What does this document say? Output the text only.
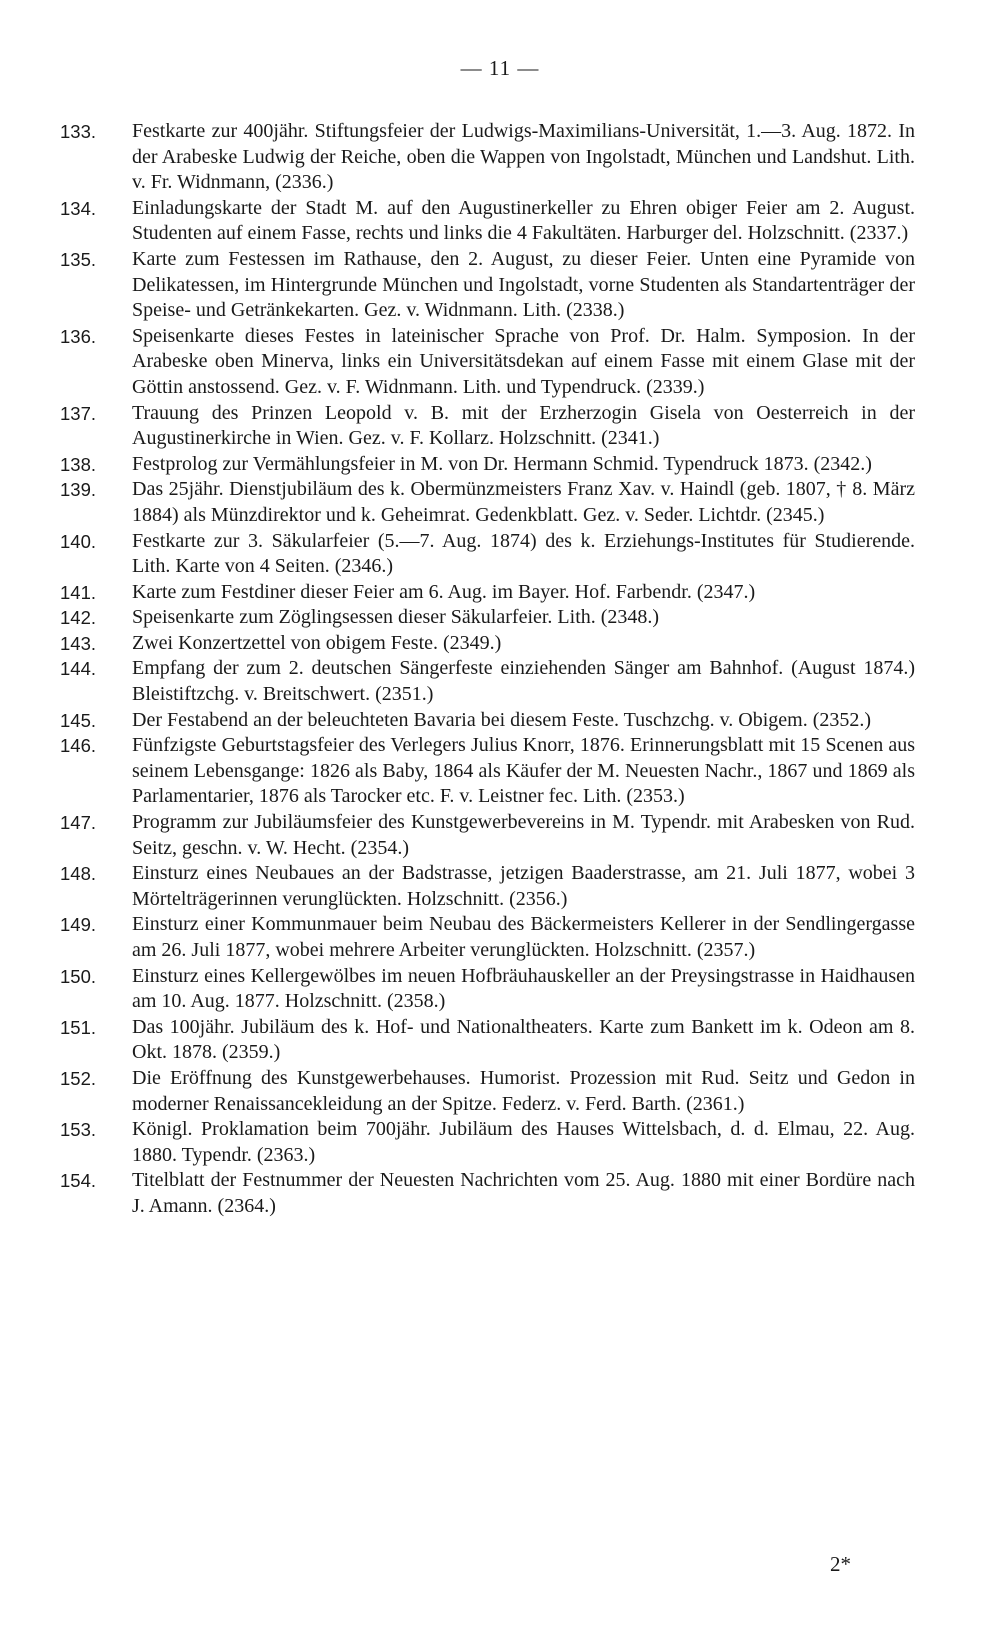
— 11 —
133.	Festkarte zur 400jähr. Stiftungsfeier der Ludwigs-Maximilians-Universität, 1.—3. Aug. 1872. In der Arabeske Ludwig der Reiche, oben die Wappen von Ingolstadt, München und Landshut. Lith. v. Fr. Widnmann, (2336.)
134.	Einladungskarte der Stadt M. auf den Augustinerkeller zu Ehren obiger Feier am 2. August. Studenten auf einem Fasse, rechts und links die 4 Fakultäten. Harburger del. Holzschnitt. (2337.)
135.	Karte zum Festessen im Rathause, den 2. August, zu dieser Feier. Unten eine Pyramide von Delikatessen, im Hintergrunde München und Ingolstadt, vorne Studenten als Standartenträger der Speise- und Getränkekarten. Gez. v. Widnmann. Lith. (2338.)
136.	Speisenkarte dieses Festes in lateinischer Sprache von Prof. Dr. Halm. Symposion. In der Arabeske oben Minerva, links ein Universitätsdekan auf einem Fasse mit einem Glase mit der Göttin anstossend. Gez. v. F. Widnmann. Lith. und Typendruck. (2339.)
137.	Trauung des Prinzen Leopold v. B. mit der Erzherzogin Gisela von Oesterreich in der Augustinerkirche in Wien. Gez. v. F. Kollarz. Holzschnitt. (2341.)
138.	Festprolog zur Vermählungsfeier in M. von Dr. Hermann Schmid. Typendruck 1873. (2342.)
139.	Das 25jähr. Dienstjubiläum des k. Obermünzmeisters Franz Xav. v. Haindl (geb. 1807, † 8. März 1884) als Münzdirektor und k. Geheimrat. Gedenkblatt. Gez. v. Seder. Lichtdr. (2345.)
140.	Festkarte zur 3. Säkularfeier (5.—7. Aug. 1874) des k. Erziehungs-Institutes für Studierende. Lith. Karte von 4 Seiten. (2346.)
141.	Karte zum Festdiner dieser Feier am 6. Aug. im Bayer. Hof. Farbendr. (2347.)
142.	Speisenkarte zum Zöglingsessen dieser Säkularfeier. Lith. (2348.)
143.	Zwei Konzertzettel von obigem Feste. (2349.)
144.	Empfang der zum 2. deutschen Sängerfeste einziehenden Sänger am Bahnhof. (August 1874.) Bleistiftzchg. v. Breitschwert. (2351.)
145.	Der Festabend an der beleuchteten Bavaria bei diesem Feste. Tuschzchg. v. Obigem. (2352.)
146.	Fünfzigste Geburtstagsfeier des Verlegers Julius Knorr, 1876. Erinnerungsblatt mit 15 Scenen aus seinem Lebensgange: 1826 als Baby, 1864 als Käufer der M. Neuesten Nachr., 1867 und 1869 als Parlamentarier, 1876 als Tarocker etc. F. v. Leistner fec. Lith. (2353.)
147.	Programm zur Jubiläumsfeier des Kunstgewerbevereins in M. Typendr. mit Arabesken von Rud. Seitz, geschn. v. W. Hecht. (2354.)
148.	Einsturz eines Neubaues an der Badstrasse, jetzigen Baaderstrasse, am 21. Juli 1877, wobei 3 Mörtelträgerinnen verunglückten. Holzschnitt. (2356.)
149.	Einsturz einer Kommunmauer beim Neubau des Bäckermeisters Kellerer in der Sendlingergasse am 26. Juli 1877, wobei mehrere Arbeiter verunglückten. Holzschnitt. (2357.)
150.	Einsturz eines Kellergewölbes im neuen Hofbräuhauskeller an der Preysingstrasse in Haidhausen am 10. Aug. 1877. Holzschnitt. (2358.)
151.	Das 100jähr. Jubiläum des k. Hof- und Nationaltheaters. Karte zum Bankett im k. Odeon am 8. Okt. 1878. (2359.)
152.	Die Eröffnung des Kunstgewerbehauses. Humorist. Prozession mit Rud. Seitz und Gedon in moderner Renaissancekleidung an der Spitze. Federz. v. Ferd. Barth. (2361.)
153.	Königl. Proklamation beim 700jähr. Jubiläum des Hauses Wittelsbach, d. d. Elmau, 22. Aug. 1880. Typendr. (2363.)
154.	Titelblatt der Festnummer der Neuesten Nachrichten vom 25. Aug. 1880 mit einer Bordüre nach J. Amann. (2364.)
2*
